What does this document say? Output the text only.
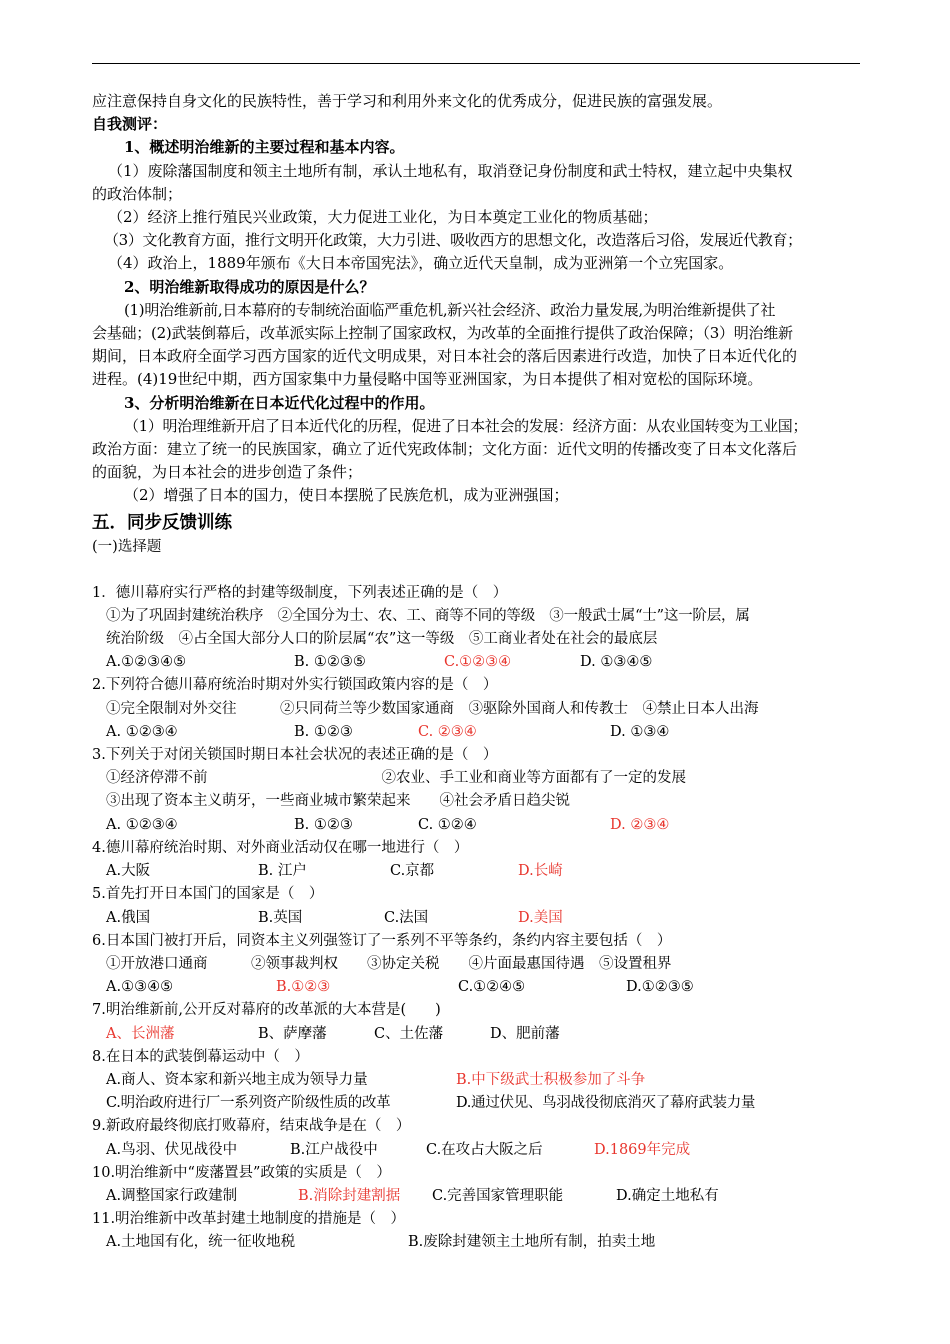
应注意保持自身文化的民族特性，善于学习和利用外来文化的优秀成分，促进民族的富强发展。
自我测评：
1、概述明治维新的主要过程和基本内容。
（1）废除藩国制度和领主土地所有制，承认土地私有，取消登记身份制度和武士特权，建立起中央集权
的政治体制；
（2）经济上推行殖民兴业政策，大力促进工业化，为日本奠定工业化的物质基础；
（3）文化教育方面，推行文明开化政策，大力引进、吸收西方的思想文化，改造落后习俗，发展近代教育；
（4）政治上，1889年颁布《大日本帝国宪法》，确立近代天皇制，成为亚洲第一个立宪国家。
2、明治维新取得成功的原因是什么？
(1)明治维新前,日本幕府的专制统治面临严重危机,新兴社会经济、政治力量发展,为明治维新提供了社
会基础；(2)武装倒幕后，改革派实际上控制了国家政权，为改革的全面推行提供了政治保障；（3）明治维新
期间，日本政府全面学习西方国家的近代文明成果，对日本社会的落后因素进行改造，加快了日本近代化的
进程。(4)19世纪中期，西方国家集中力量侵略中国等亚洲国家，为日本提供了相对宽松的国际环境。
3、分析明治维新在日本近代化过程中的作用。
（1）明治理维新开启了日本近代化的历程，促进了日本社会的发展：经济方面：从农业国转变为工业国；
政治方面：建立了统一的民族国家，确立了近代宪政体制；文化方面：近代文明的传播改变了日本文化落后
的面貌，为日本社会的进步创造了条件；
（2）增强了日本的国力，使日本摆脱了民族危机，成为亚洲强国；
五．同步反馈训练
(一)选择题
1．德川幕府实行严格的封建等级制度，下列表述正确的是（　）
①为了巩固封建统治秩序　②全国分为士、农、工、商等不同的等级　③一般武士属“士”这一阶层，属
统治阶级　④占全国大部分人口的阶层属“农”这一等级　⑤工商业者处在社会的最底层
A.①②③④⑤	B. ①②③⑤	C.①②③④	D. ①③④⑤
2.下列符合德川幕府统治时期对外实行锁国政策内容的是（　）
①完全限制对外交往　　　②只同荷兰等少数国家通商　③驱除外国商人和传教士　④禁止日本人出海
A. ①②③④	B. ①②③	C. ②③④	D. ①③④
3.下列关于对闭关锁国时期日本社会状况的表述正确的是（　）
①经济停滞不前　　　　　　　　　　　　②农业、手工业和商业等方面都有了一定的发展
③出现了资本主义萌牙，一些商业城市繁荣起来　　④社会矛盾日趋尖锐
A. ①②③④	B. ①②③	C. ①②④	D. ②③④
4.德川幕府统治时期、对外商业活动仅在哪一地进行（　）
A.大阪	B. 江户	C.京都	D.长崎
5.首先打开日本国门的国家是（　）
A.俄国	B.英国	C.法国	D.美国
6.日本国门被打开后，同资本主义列强签订了一系列不平等条约，条约内容主要包括（　）
①开放港口通商　　　②领事裁判权　　③协定关税　　④片面最惠国待遇　⑤设置租界
A.①③④⑤	B.①②③	C.①②④⑤	D.①②③⑤
7.明治维新前,公开反对幕府的改革派的大本营是(　　)
A、长洲藩	B、萨摩藩	C、土佐藩	D、肥前藩
8.在日本的武装倒幕运动中（　）
A.商人、资本家和新兴地主成为领导力量	B.中下级武士积极参加了斗争
C.明治政府进行厂一系列资产阶级性质的改革	D.通过伏见、鸟羽战役彻底消灭了幕府武装力量
9.新政府最终彻底打败幕府，结束战争是在（　）
A.鸟羽、伏见战役中	B.江户战役中	C.在攻占大阪之后	D.1869年完成
10.明治维新中“废藩置县”政策的实质是（　）
A.调整国家行政建制	B.消除封建割据 C.完善国家管理职能	D.确定土地私有
11.明治维新中改革封建土地制度的措施是（　）
A.土地国有化，统一征收地税	B.废除封建领主土地所有制，拍卖土地
